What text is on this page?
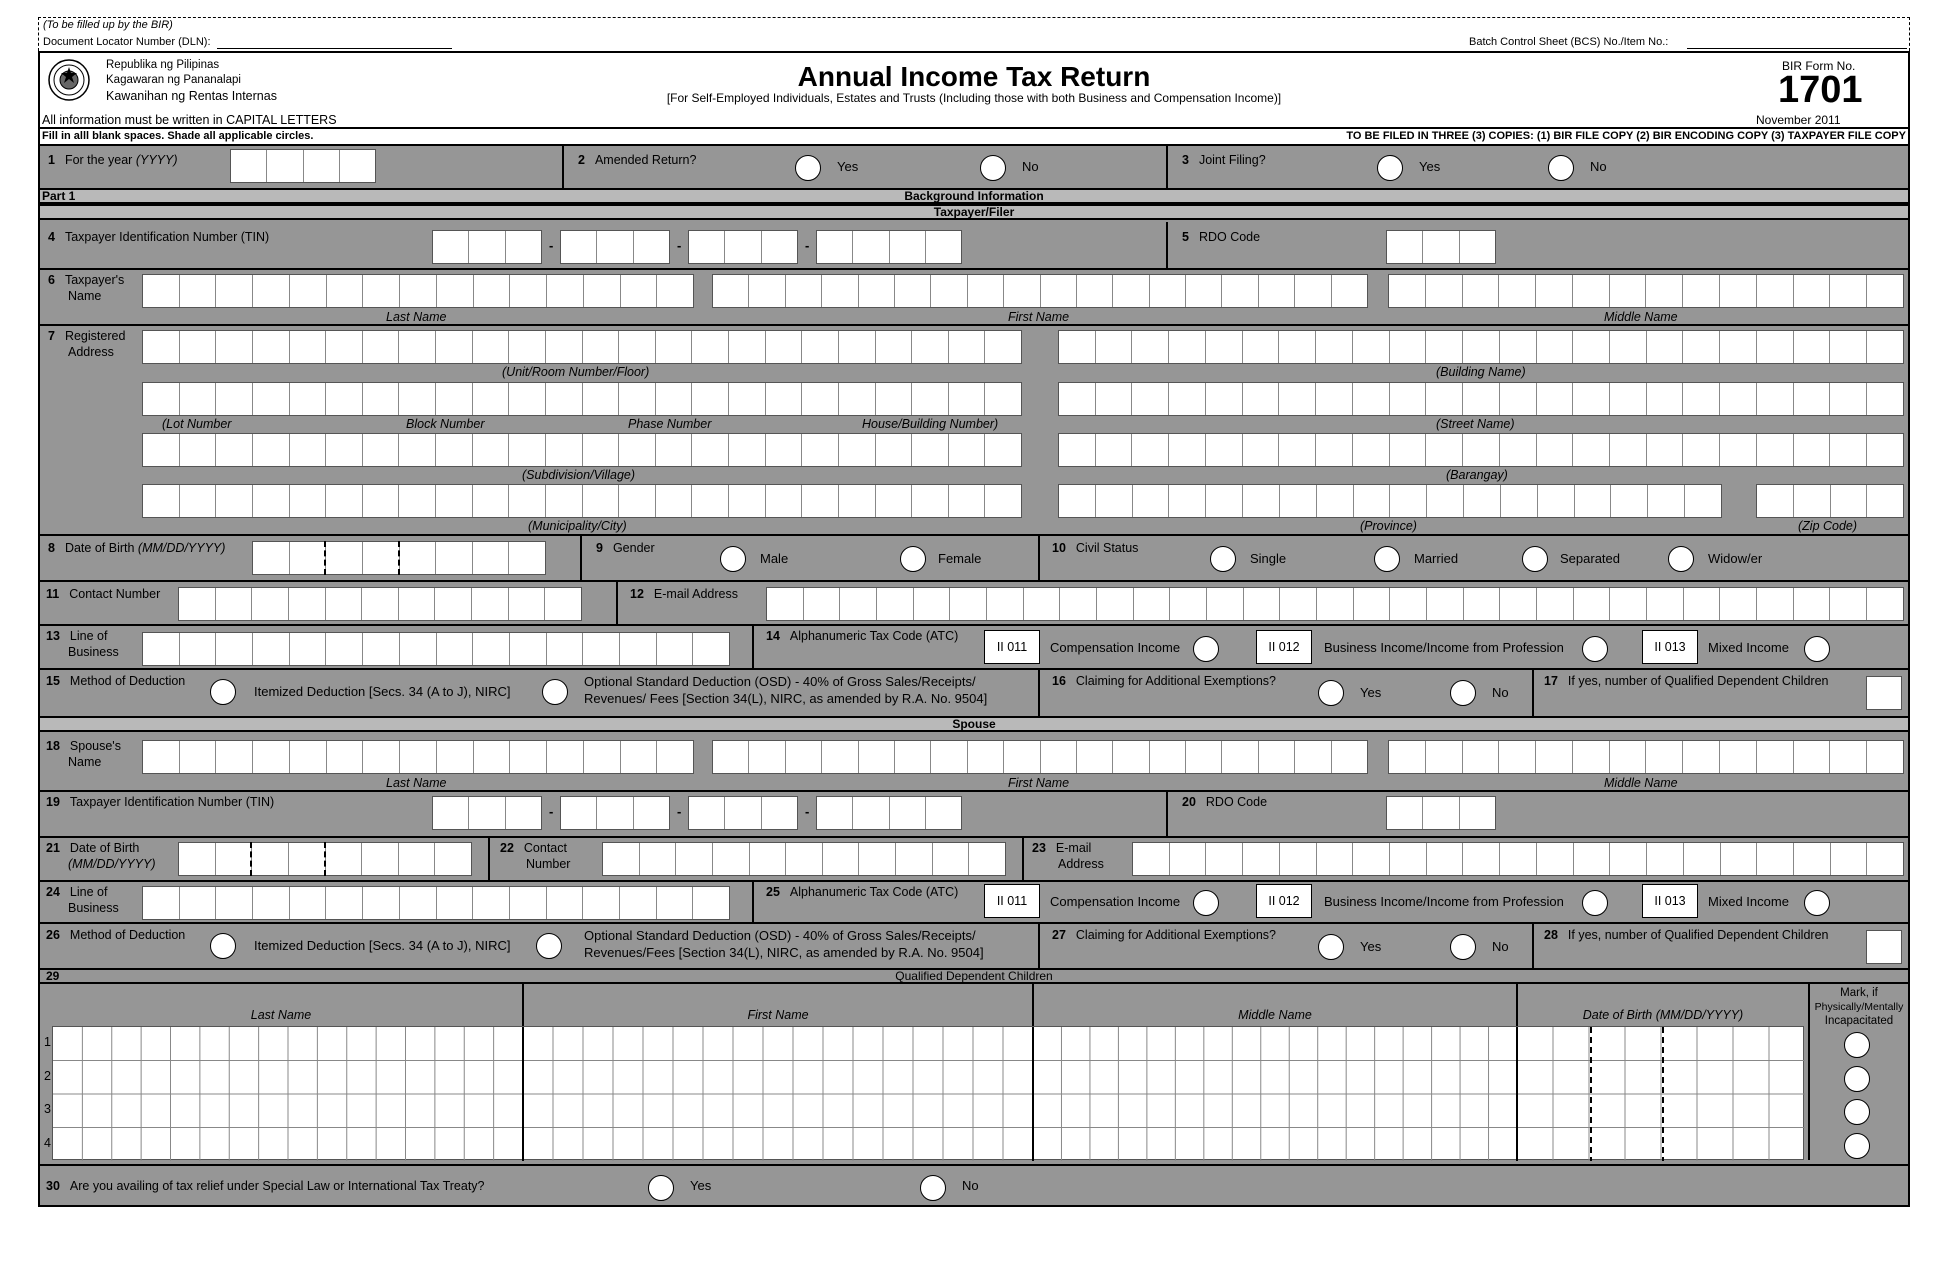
(To be filled up by the BIR)
Document Locator Number (DLN):	Batch Control Sheet (BCS) No./Item No.:
Republika ng Pilipinas
Kagawaran ng Pananalapi
Kawanihan ng Rentas Internas
Annual Income Tax Return
[For Self-Employed Individuals, Estates and Trusts (Including those with both Business and Compensation Income)]
BIR Form No.
1701
November 2011
All information must be written in CAPITAL LETTERS
Fill in alll blank spaces. Shade all applicable circles.	TO BE FILED IN THREE (3) COPIES: (1) BIR FILE COPY (2) BIR ENCODING COPY (3) TAXPAYER FILE COPY
1 For the year (YYYY)	2 Amended Return?	Yes	No	3 Joint Filing?	Yes	No
Part 1	Background Information
Taxpayer/Filer
4 Taxpayer Identification Number (TIN)
-	-	-
5 RDO Code
6 Taxpayer's
Name
Last Name	First Name	Middle Name
7 Registered
Address
(Unit/Room Number/Floor)	(Building Name)
(Lot Number	Block Number	Phase Number	House/Building Number)	(Street Name)
(Subdivision/Village)	(Barangay)
(Municipality/City)	(Province)	(Zip Code)
8 Date of Birth (MM/DD/YYYY)	9 Gender
Male	Female
10 Civil Status
Single	Married	Separated	Widow/er
11 Contact Number	12 E-mail Address
13 Line of
Business
14 Alphanumeric Tax Code (ATC)
II 011	Compensation Income	II 012	Business Income/Income from Profession	II 013	Mixed Income
15 Method of Deduction
Itemized Deduction [Secs. 34 (A to J), NIRC]
Optional Standard Deduction (OSD) - 40% of Gross Sales/Receipts/
Revenues/ Fees [Section 34(L), NIRC, as amended by R.A. No. 9504]
16 Claiming for Additional Exemptions?
Yes	No
17 If yes, number of Qualified Dependent Children
Spouse
18 Spouse's
Name
Last Name	First Name	Middle Name
19 Taxpayer Identification Number (TIN)
-	-	-
20 RDO Code
21 Date of Birth
(MM/DD/YYYY)
22 Contact
Number
23 E-mail
Address
24 Line of
Business
25 Alphanumeric Tax Code (ATC)
II 011	Compensation Income	II 012	Business Income/Income from Profession	II 013	Mixed Income
26 Method of Deduction
Itemized Deduction [Secs. 34 (A to J), NIRC]
Optional Standard Deduction (OSD) - 40% of Gross Sales/Receipts/
Revenues/Fees [Section 34(L), NIRC, as amended by R.A. No. 9504]
27 Claiming for Additional Exemptions?
Yes	No
28 If yes, number of Qualified Dependent Children
29	Qualified Dependent Children
Last Name	First Name	Middle Name	Date of Birth (MM/DD/YYYY)
Mark, if
Physically/Mentally
Incapacitated
1
2
3
4
30 Are you availing of tax relief under Special Law or International Tax Treaty?	Yes	No
